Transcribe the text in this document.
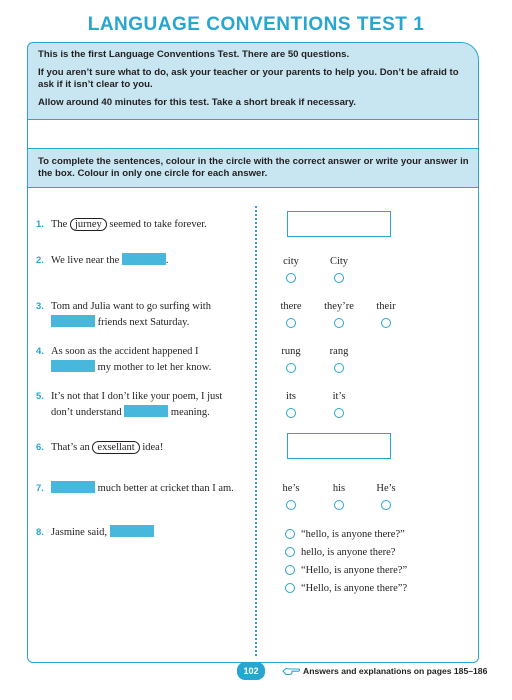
LANGUAGE CONVENTIONS TEST 1

This is the first Language Conventions Test. There are 50 questions.

If you aren’t sure what to do, ask your teacher or your parents to help you. Don’t be afraid to ask if it isn’t clear to you.

Allow around 40 minutes for this test. Take a short break if necessary.

To complete the sentences, colour in the circle with the correct answer or write your answer in the box. Colour in only one circle for each answer.

1. The jurney seemed to take forever.
2. We live near the	.	city	City
3. Tom and Julia want to go surfing with
friends next Saturday.
there	they’re	their
4. As soon as the accident happened I
my mother to let her know.
rung	rang
5. It’s not that I don’t like your poem, I just
don’t understand	meaning.
its	it’s
6. That’s an exsellant idea!
7.	much better at cricket than I am.	he’s	his	He’s
8. Jasmine said,	“hello, is anyone there?”
hello, is anyone there?
“Hello, is anyone there?”
“Hello, is anyone there”?
102	Answers and explanations on pages 185–186
